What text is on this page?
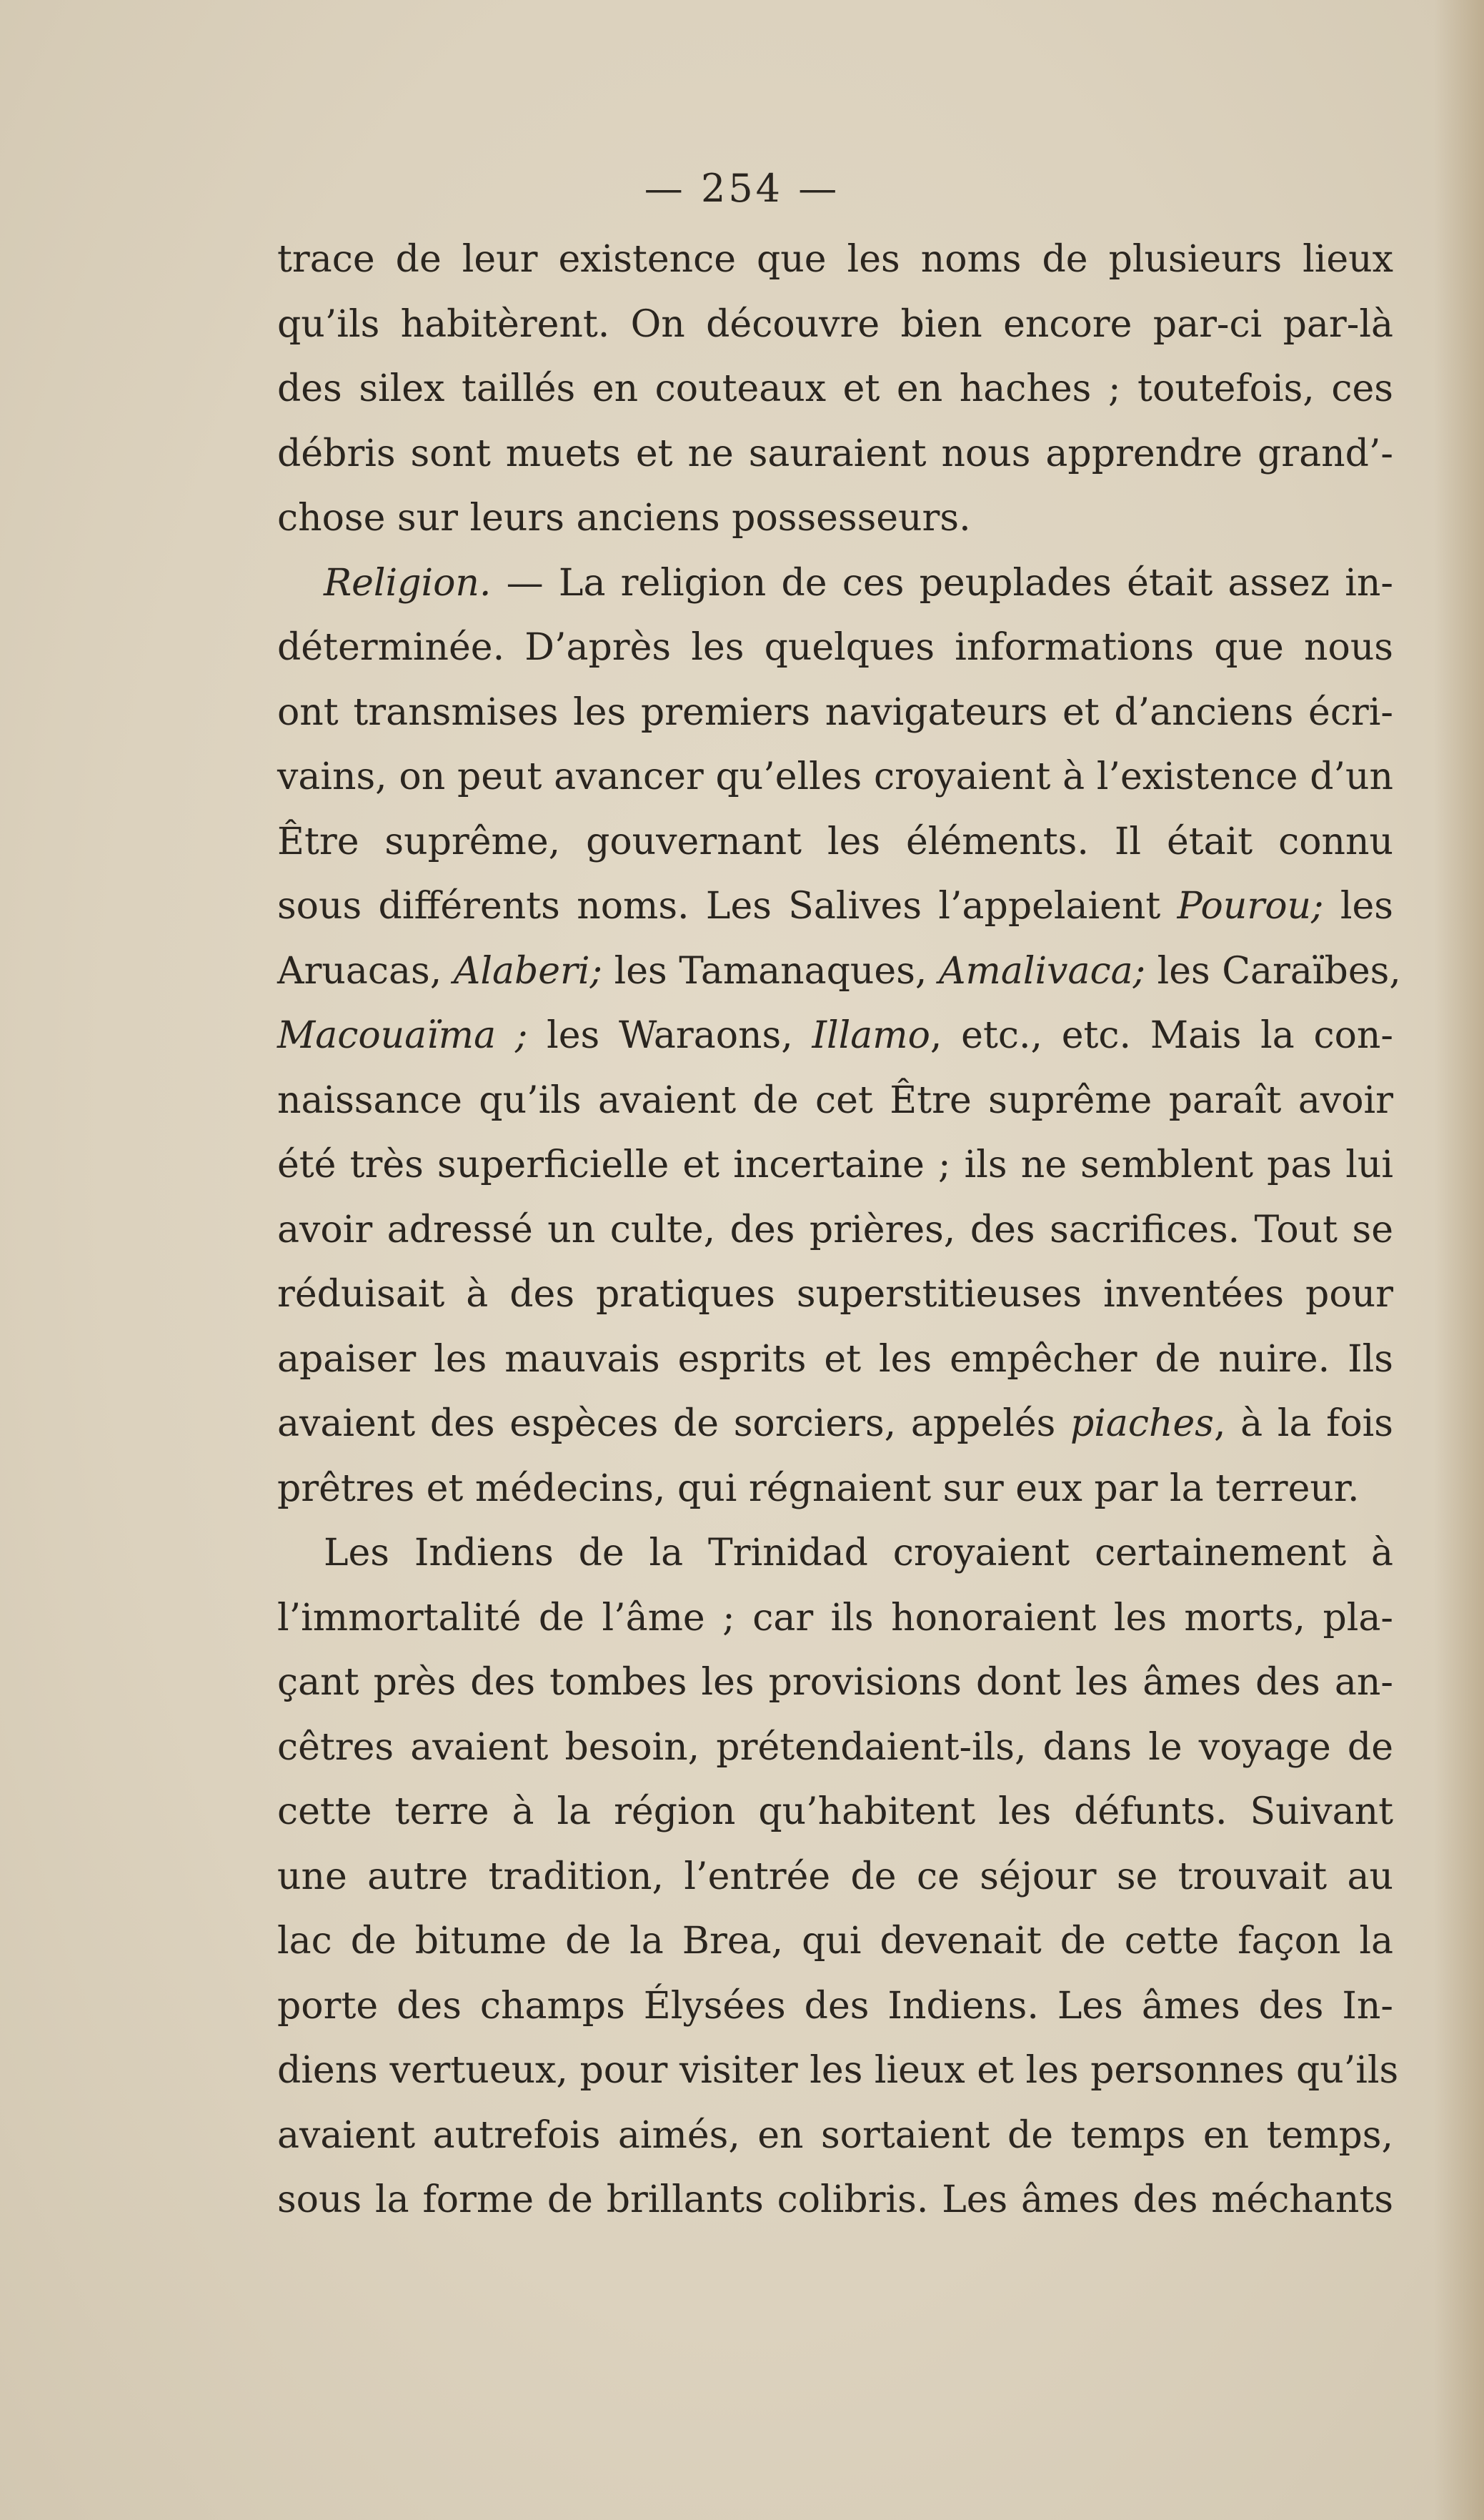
— 254 —
trace de leur existence que les noms de plusieurs lieux
qu’ils habitèrent. On découvre bien encore par-ci par-là
des silex taillés en couteaux et en haches ; toutefois, ces
débris sont muets et ne sauraient nous apprendre grand’-
chose sur leurs anciens possesseurs.
Religion. — La religion de ces peuplades était assez in-
déterminée. D’après les quelques informations que nous
ont transmises les premiers navigateurs et d’anciens écri-
vains, on peut avancer qu’elles croyaient à l’existence d’un
Être suprême, gouvernant les éléments. Il était connu
sous différents noms. Les Salives l’appelaient Pourou; les
Aruacas, Alaberi; les Tamanaques, Amalivaca; les Caraïbes,
Macouaïma ; les Waraons, Illamo, etc., etc. Mais la con-
naissance qu’ils avaient de cet Être suprême paraît avoir
été très superficielle et incertaine ; ils ne semblent pas lui
avoir adressé un culte, des prières, des sacrifices. Tout se
réduisait à des pratiques superstitieuses inventées pour
apaiser les mauvais esprits et les empêcher de nuire. Ils
avaient des espèces de sorciers, appelés piaches, à la fois
prêtres et médecins, qui régnaient sur eux par la terreur.
Les Indiens de la Trinidad croyaient certainement à
l’immortalité de l’âme ; car ils honoraient les morts, pla-
çant près des tombes les provisions dont les âmes des an-
cêtres avaient besoin, prétendaient-ils, dans le voyage de
cette terre à la région qu’habitent les défunts. Suivant
une autre tradition, l’entrée de ce séjour se trouvait au
lac de bitume de la Brea, qui devenait de cette façon la
porte des champs Élysées des Indiens. Les âmes des In-
diens vertueux, pour visiter les lieux et les personnes qu’ils
avaient autrefois aimés, en sortaient de temps en temps,
sous la forme de brillants colibris. Les âmes des méchants
